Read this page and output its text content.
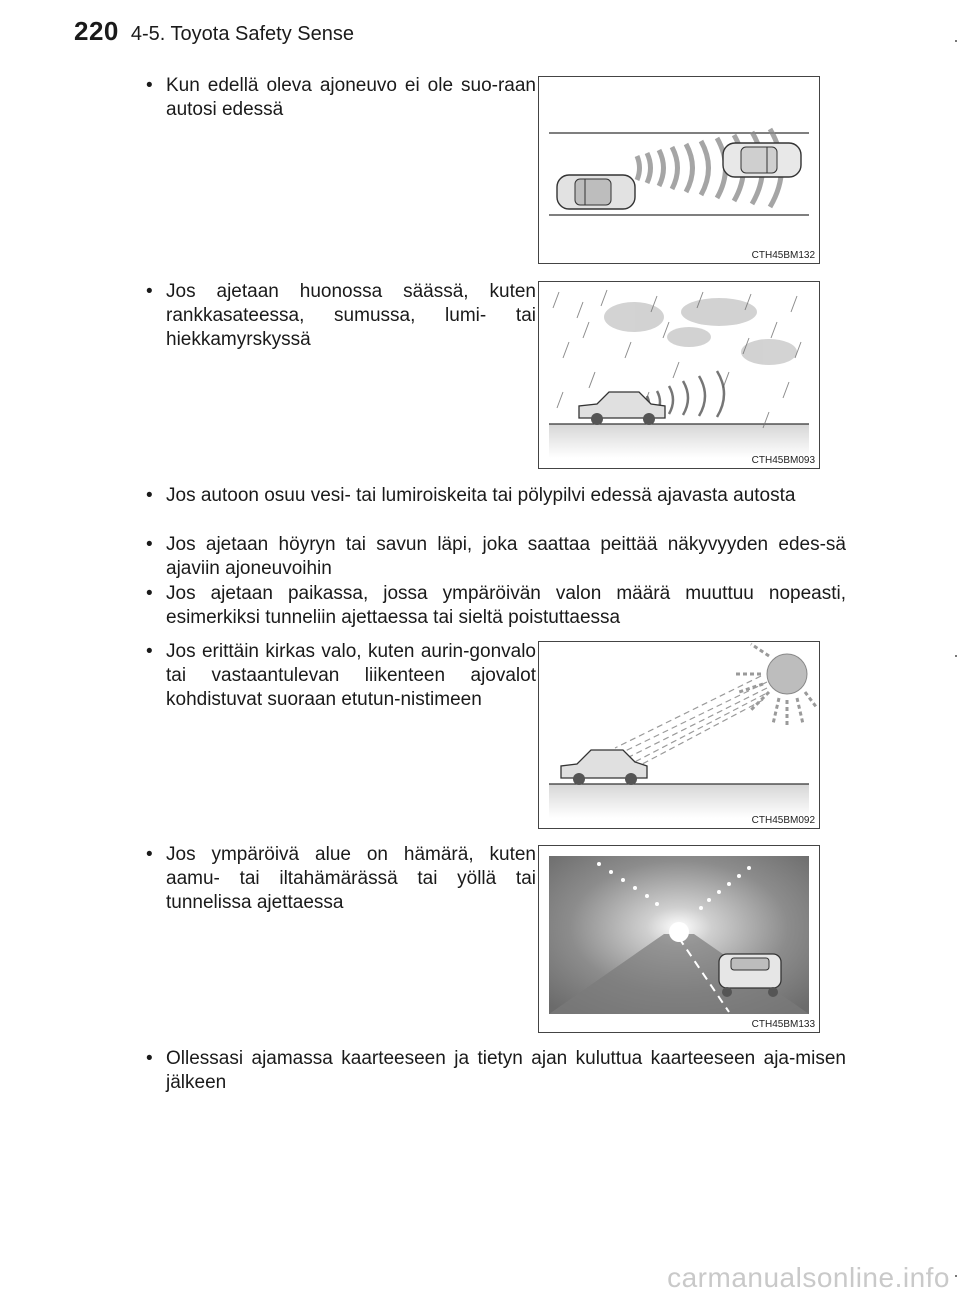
220 4-5. Toyota Safety Sense
• Kun edellä oleva ajoneuvo ei ole suo-raan autosi edessä
CTH45BM132
• Jos ajetaan huonossa säässä, kuten rankkasateessa, sumussa, lumi- tai hiekkamyrskyssä
CTH45BM093
• Jos autoon osuu vesi- tai lumiroiskeita tai pölypilvi edessä ajavasta autosta
• Jos ajetaan höyryn tai savun läpi, joka saattaa peittää näkyvyyden edes-sä ajaviin ajoneuvoihin
• Jos ajetaan paikassa, jossa ympäröivän valon määrä muuttuu nopeasti, esimerkiksi tunneliin ajettaessa tai sieltä poistuttaessa
• Jos erittäin kirkas valo, kuten aurin-gonvalo tai vastaantulevan liikenteen ajovalot kohdistuvat suoraan etutun-nistimeen
CTH45BM092
• Jos ympäröivä alue on hämärä, kuten aamu- tai iltahämärässä tai yöllä tai tunnelissa ajettaessa
CTH45BM133
• Ollessasi ajamassa kaarteeseen ja tietyn ajan kuluttua kaarteeseen aja-misen jälkeen
carmanualsonline.info
